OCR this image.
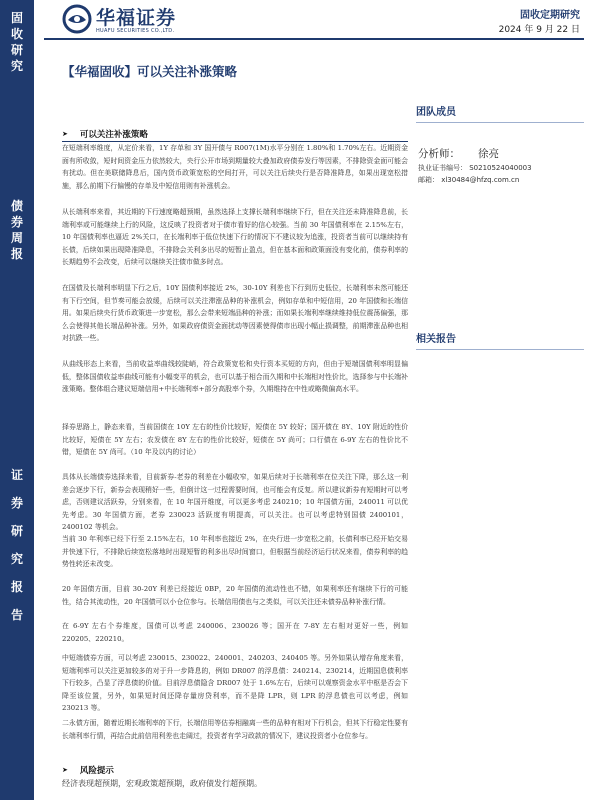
固
收
研
究
债
券
周
报
证

券

研

究

报

告
华福证券
HUAFU SECURITIES CO.,LTD.
固收定期研究
2024 年 9 月 22 日
【华福固收】可以关注补涨策略
团队成员
分析师： 徐亮
执业证书编号： S0210524040003
邮箱： xl30484@hfzq.com.cn
相关报告
➤ 可以关注补涨策略

在短端利率维度，从定价来看，1Y 存单和 3Y 国开债与 R007(1M)水平分别在 1.80%和 1.70%左右。近期资金面有所收敛，短时间资金压力依然较大，央行公开市场到期量较大叠加政府债券发行等因素，不排除资金面可能会有扰动。但在美联储降息后，国内货币政策宽松的空间打开，可以关注后续央行是否降准降息，如果出现宽松措施，那么前期下行偏慢的存单及中短信用则有补涨机会。

从长端利率来看，其近期的下行速度略超预期，虽然选择上支撑长端利率继续下行，但在关注还未降准降息前，长端利率或可能继续上行的风险，这反映了投资者对于债市看好的信心较强。当前 30 年国债利率在 2.15%左右，10 年国债利率也逼近 2%关口，在长端利率于低位快速下行的情况下不建议较为追涨，投资者当前可以继续持有长债，后续如果出现降准降息，不排除会关利多出尽的短暂止盈点，但在基本面和政策面没有变化前，债券利率的长期趋势不会改变，后续可以继续关注债市做多时点。

在国债及长端利率明显下行之后，10Y 国债利率接近 2%，30-10Y 利差也下行到历史低位，长端利率未然可能还有下行空间，但节奏可能会放缓，后续可以关注滞涨品种的补涨机会，例如存单和中短信用，20 年国债和长端信用。如果后续央行货币政策进一步宽松，那么会带来短端品种的补涨；而如果长端利率继续维持低位震荡偏强，那么会使得其他长端品种补涨。另外，如果政府债资金面扰动等因素使得债市出现小幅止损调整，前期滞涨品种也相对抗跌一些。

从曲线形态上来看，当前收益率曲线较陡峭，符合政策宽松和央行资本买短的方向，但由于短端国债利率明显偏低，整体国债收益率曲线可能有小幅变平的机会，也可以基于相合而久期和中长端相对性价比，选择参与中长端补涨策略。整体组合建议短端信用+中长端利率+部分高股率个券，久期维持在中性或略微偏高水平。

择券思路上，静态来看，当前国债在 10Y 左右的性价比较好，短债在 5Y 较好；国开债在 8Y、10Y 附近的性价比较好，短债在 5Y 左右；农发债在 8Y 左右的性价比较好，短债在 5Y 尚可；口行债在 6-9Y 左右的性价比不错，短债在 5Y 尚可。（10 年及以内的讨论）

具体从长端债券选择来看，目前新券-老券的利差在小幅收窄，如果后续对于长端利率在位关注下降，那么这一利差会逐步下行，新券会表现稍好一些，但倒计这一过程需要时间，也可能会有反复。所以建议新券有短期时可以考虑，否则建议活跃券，分别来看，在 10 年国开维度，可以更多考虑 240210；10 年国债方面，240011 可以优先考虑。30 年国债方面，老券 230023 活跃度有明提高，可以关注。也可以考虑特别国债 2400101，2400102 等机会。

当前 30 年利率已经下行至 2.15%左右，10 年利率也接近 2%，在央行进一步宽松之前，长债利率已经开始交易并快速下行，不排除后续宽松落地时出现短暂的利多出尽时间窗口，但根据当前经济运行状况来看，债券利率的趋势性转还未改变。

20 年国债方面，目前 30-20Y 利差已经接近 0BP，20 年国债的流动性也不错，如果利率还有继续下行的可能性，结合其流动性，20 年国债可以小仓位参与。长端信用债也与之类似，可以关注还未债券品种补涨行情。

在 6-9Y 左右个券维度，国债可以考虑 240006、230026 等；国开在 7-8Y 左右相对更好一些，例如 220205、220210。

中短端债券方面，可以考虑 230015、230022、240001、240203、240405 等。另外如果认增存角度来看，短端利率可以关注更加较多的对于升一步降息的，例如 DR007 的浮息债：240214、230214，近期国息债利率下行较多，凸显了浮息债的价值。目前浮息债隐含 DR007 处于 1.6%左右，后续可以观察资金水平中枢是否会下降至该位置，另外，如果短时间还降存量房贷利率，而不是降 LPR，则 LPR 的浮息债也可以考虑，例如 230213 等。

二永债方面，随着近期长端利率的下行，长端信用等估券相融离一些的品种有相对下行机会，但其下行稳定性要有长端利率行情，再结合此前信用利差也走阔过，投资者有学习政款的情况下，建议投资者小仓位参与。

➤ 风险提示
经济表现超预期，宏观政策超预期，政府债发行超预期。
